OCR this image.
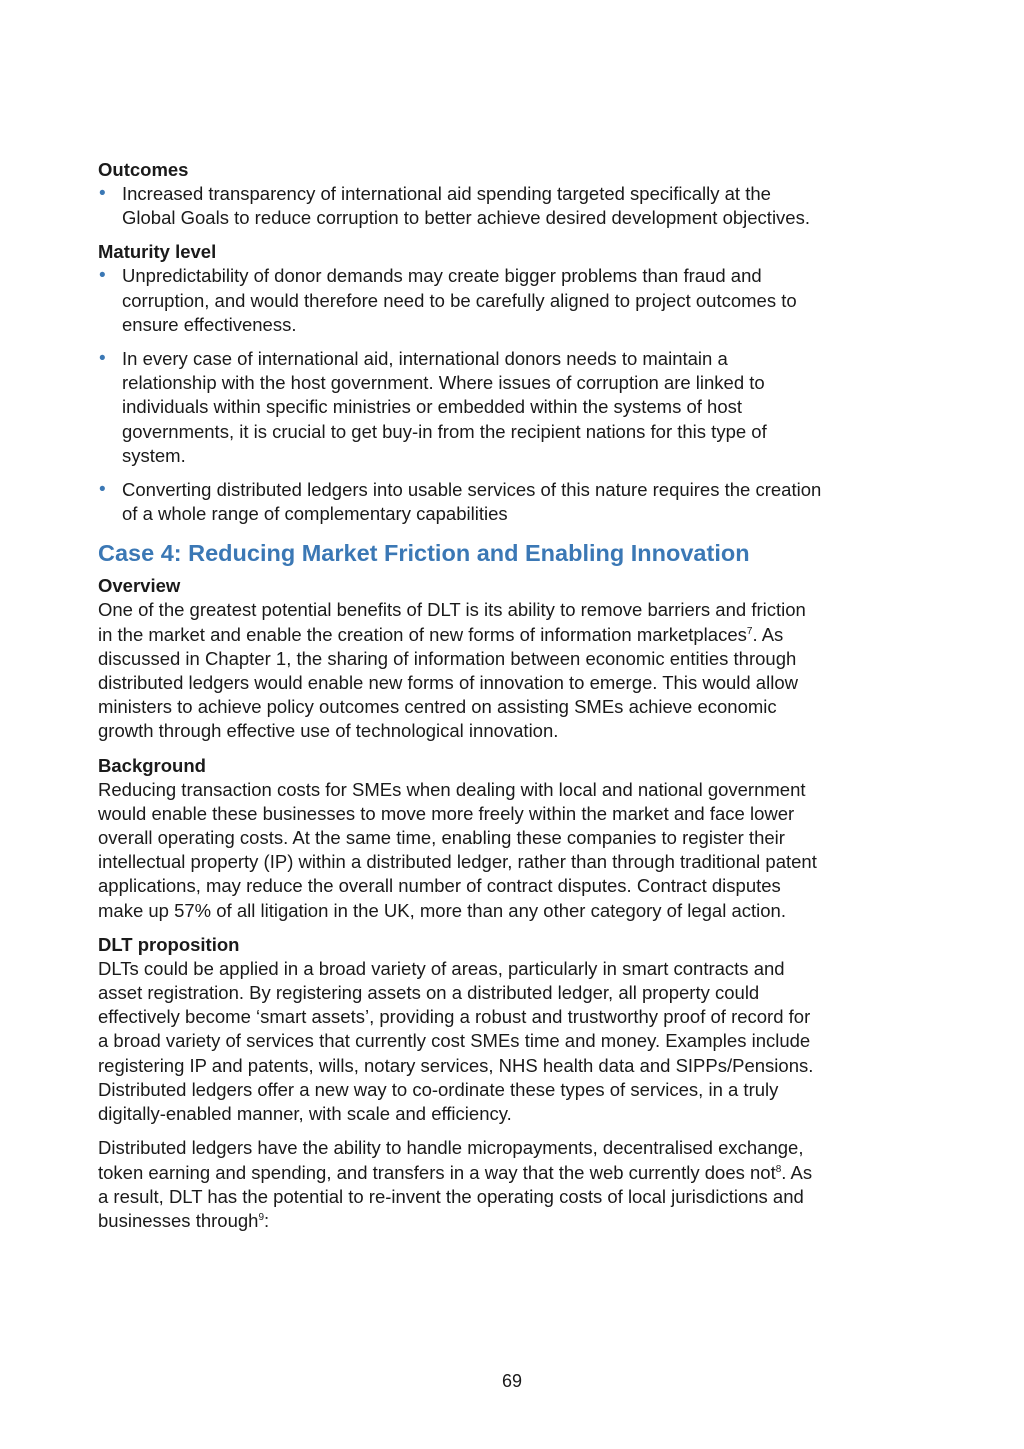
Outcomes

• Increased transparency of international aid spending targeted specifically at the Global Goals to reduce corruption to better achieve desired development objectives.

Maturity level

• Unpredictability of donor demands may create bigger problems than fraud and corruption, and would therefore need to be carefully aligned to project outcomes to ensure effectiveness.
• In every case of international aid, international donors needs to maintain a relationship with the host government. Where issues of corruption are linked to individuals within specific ministries or embedded within the systems of host governments, it is crucial to get buy-in from the recipient nations for this type of system.
• Converting distributed ledgers into usable services of this nature requires the creation of a whole range of complementary capabilities

Case 4: Reducing Market Friction and Enabling Innovation

Overview

One of the greatest potential benefits of DLT is its ability to remove barriers and friction in the market and enable the creation of new forms of information marketplaces$^7$. As discussed in Chapter 1, the sharing of information between economic entities through distributed ledgers would enable new forms of innovation to emerge. This would allow ministers to achieve policy outcomes centred on assisting SMEs achieve economic growth through effective use of technological innovation.

Background

Reducing transaction costs for SMEs when dealing with local and national government would enable these businesses to move more freely within the market and face lower overall operating costs. At the same time, enabling these companies to register their intellectual property (IP) within a distributed ledger, rather than through traditional patent applications, may reduce the overall number of contract disputes. Contract disputes make up 57% of all litigation in the UK, more than any other category of legal action.

DLT proposition

DLTs could be applied in a broad variety of areas, particularly in smart contracts and asset registration. By registering assets on a distributed ledger, all property could effectively become ‘smart assets’, providing a robust and trustworthy proof of record for a broad variety of services that currently cost SMEs time and money. Examples include registering IP and patents, wills, notary services, NHS health data and SIPPs/Pensions. Distributed ledgers offer a new way to co-ordinate these types of services, in a truly digitally-enabled manner, with scale and efficiency.

Distributed ledgers have the ability to handle micropayments, decentralised exchange, token earning and spending, and transfers in a way that the web currently does not$^8$. As a result, DLT has the potential to re-invent the operating costs of local jurisdictions and businesses through$^9$:

69
